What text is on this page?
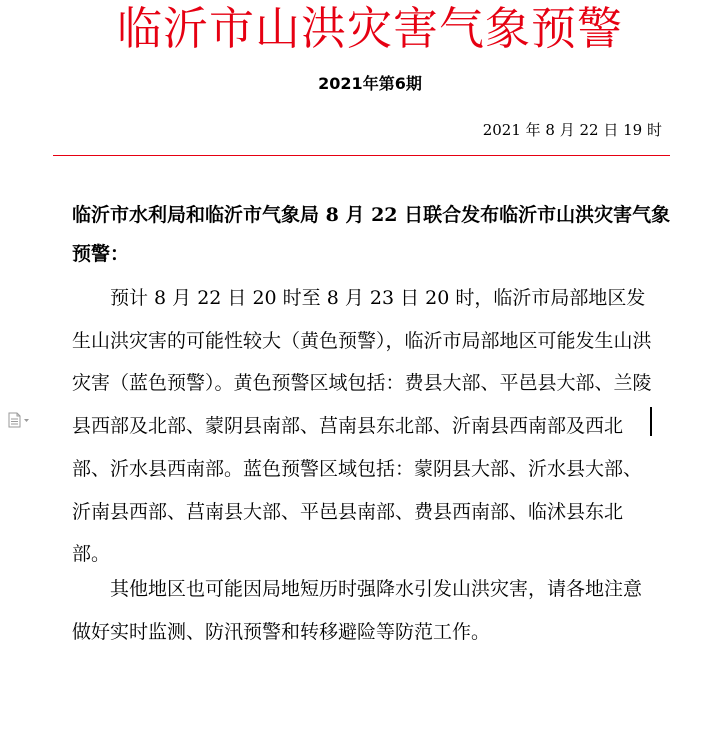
临沂市山洪灾害气象预警
2021年第6期
2021 年 8 月 22 日 19 时
临沂市水利局和临沂市气象局 8 月 22 日联合发布临沂市山洪灾害气象预警：
预计 8 月 22 日 20 时至 8 月 23 日 20 时，临沂市局部地区发生山洪灾害的可能性较大（黄色预警），临沂市局部地区可能发生山洪灾害（蓝色预警）。黄色预警区域包括：费县大部、平邑县大部、兰陵县西部及北部、蒙阴县南部、莒南县东北部、沂南县西南部及西北部、沂水县西南部。蓝色预警区域包括：蒙阴县大部、沂水县大部、沂南县西部、莒南县大部、平邑县南部、费县西南部、临沭县东北部。
其他地区也可能因局地短历时强降水引发山洪灾害，请各地注意做好实时监测、防汛预警和转移避险等防范工作。
